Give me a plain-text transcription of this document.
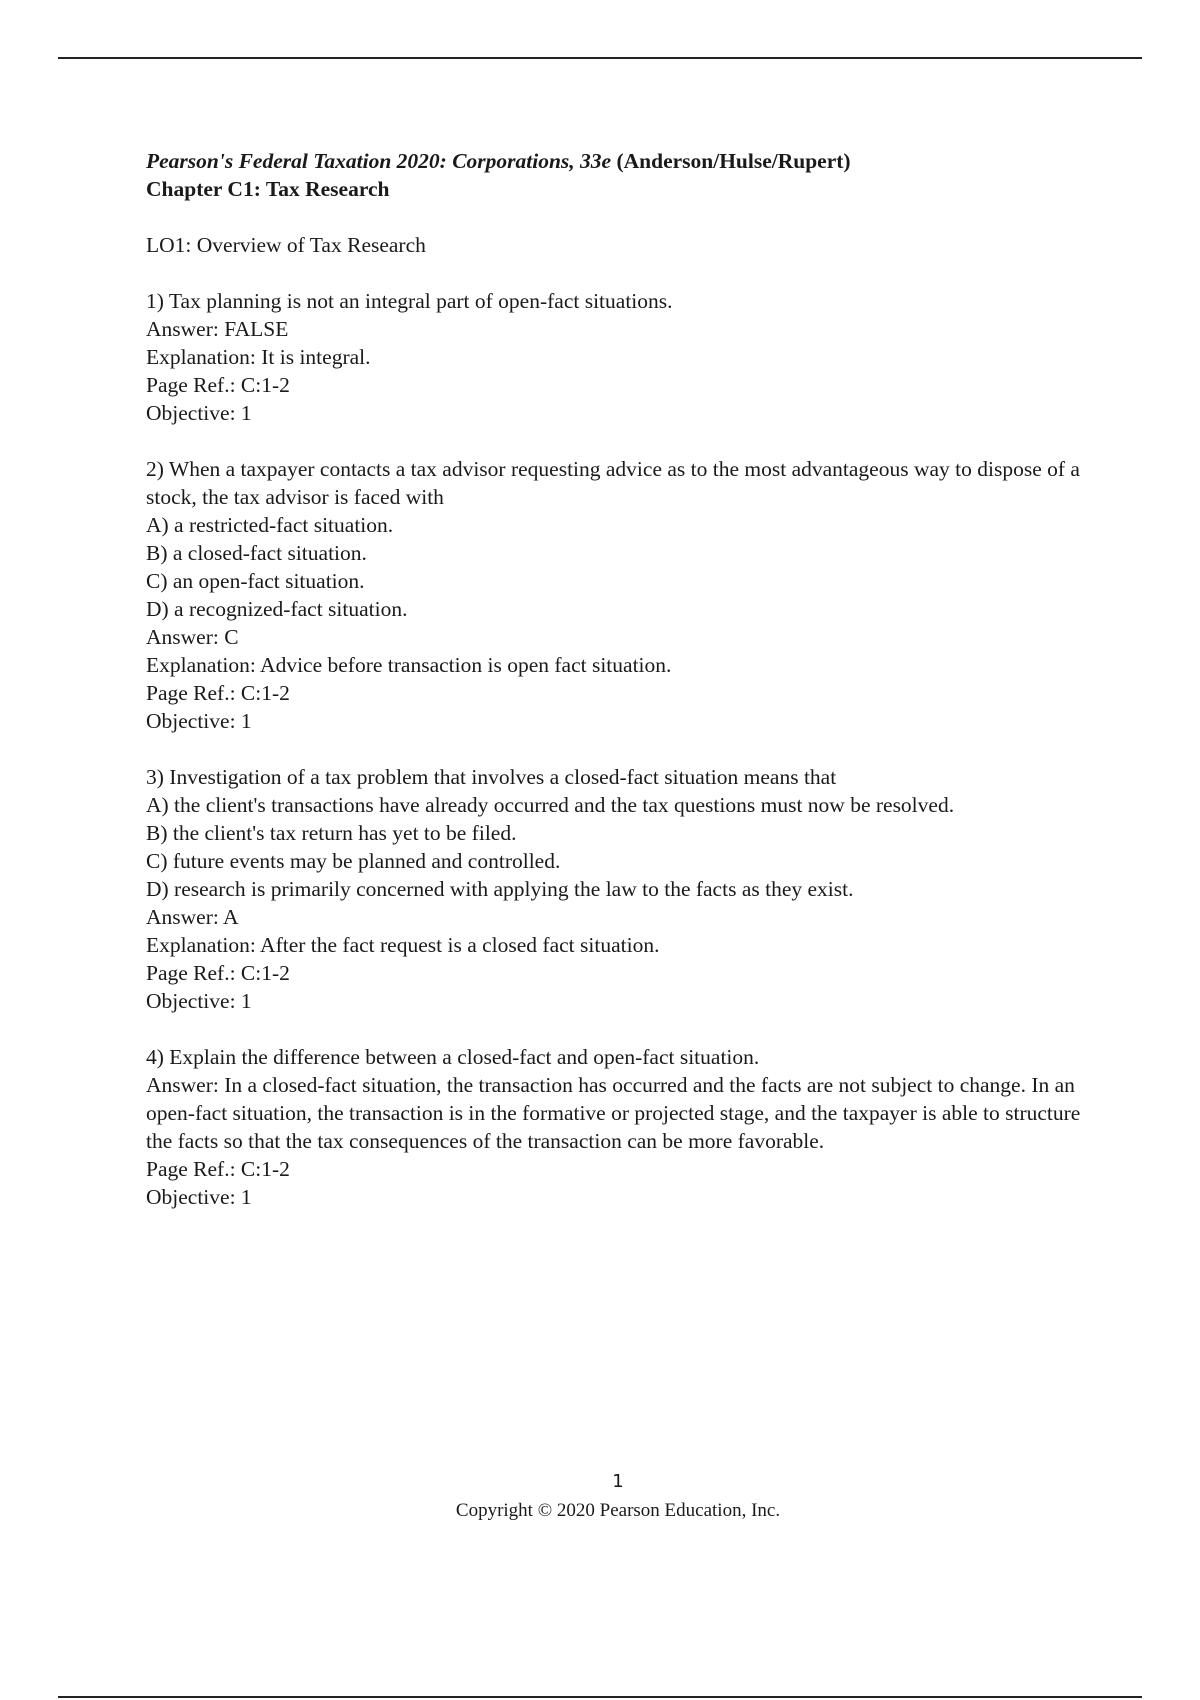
Pearson's Federal Taxation 2020: Corporations, 33e (Anderson/Hulse/Rupert)
Chapter C1: Tax Research
LO1: Overview of Tax Research
1) Tax planning is not an integral part of open-fact situations.
Answer: FALSE
Explanation: It is integral.
Page Ref.: C:1-2
Objective: 1
2) When a taxpayer contacts a tax advisor requesting advice as to the most advantageous way to dispose of a stock, the tax advisor is faced with
A) a restricted-fact situation.
B) a closed-fact situation.
C) an open-fact situation.
D) a recognized-fact situation.
Answer: C
Explanation: Advice before transaction is open fact situation.
Page Ref.: C:1-2
Objective: 1
3) Investigation of a tax problem that involves a closed-fact situation means that
A) the client's transactions have already occurred and the tax questions must now be resolved.
B) the client's tax return has yet to be filed.
C) future events may be planned and controlled.
D) research is primarily concerned with applying the law to the facts as they exist.
Answer: A
Explanation: After the fact request is a closed fact situation.
Page Ref.: C:1-2
Objective: 1
4) Explain the difference between a closed-fact and open-fact situation.
Answer: In a closed-fact situation, the transaction has occurred and the facts are not subject to change. In an open-fact situation, the transaction is in the formative or projected stage, and the taxpayer is able to structure the facts so that the tax consequences of the transaction can be more favorable.
Page Ref.: C:1-2
Objective: 1
1
Copyright © 2020 Pearson Education, Inc.
